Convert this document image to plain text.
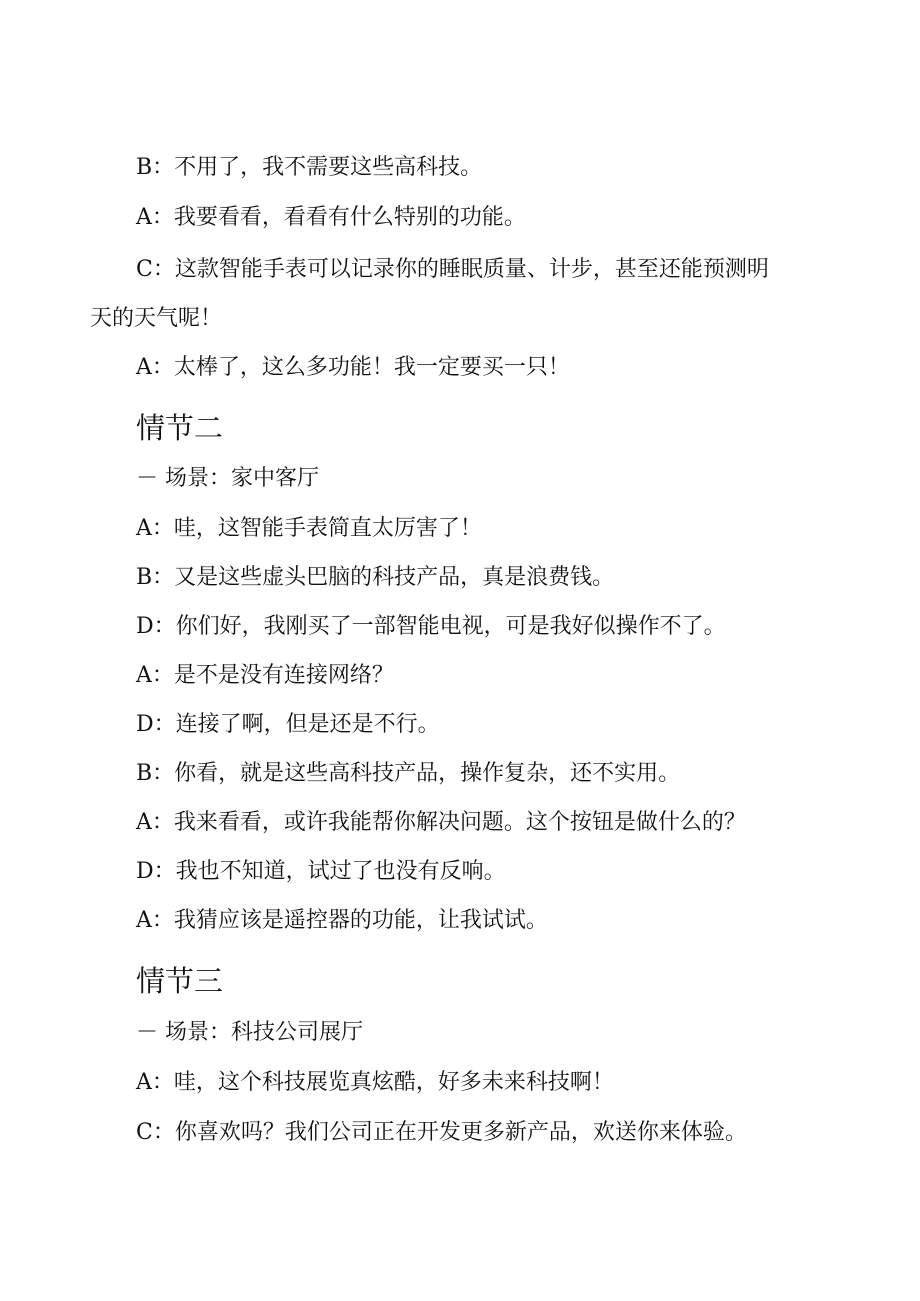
B：不用了，我不需要这些高科技。
A：我要看看，看看有什么特别的功能。
C：这款智能手表可以记录你的睡眠质量、计步，甚至还能预测明
天的天气呢！
A：太棒了，这么多功能！我一定要买一只！
情节二
－ 场景：家中客厅
A：哇，这智能手表简直太厉害了！
B：又是这些虚头巴脑的科技产品，真是浪费钱。
D：你们好，我刚买了一部智能电视，可是我好似操作不了。
A：是不是没有连接网络？
D：连接了啊，但是还是不行。
B：你看，就是这些高科技产品，操作复杂，还不实用。
A：我来看看，或许我能帮你解决问题。这个按钮是做什么的？
D：我也不知道，试过了也没有反响。
A：我猜应该是遥控器的功能，让我试试。
情节三
－ 场景：科技公司展厅
A：哇，这个科技展览真炫酷，好多未来科技啊！
C：你喜欢吗？我们公司正在开发更多新产品，欢送你来体验。
